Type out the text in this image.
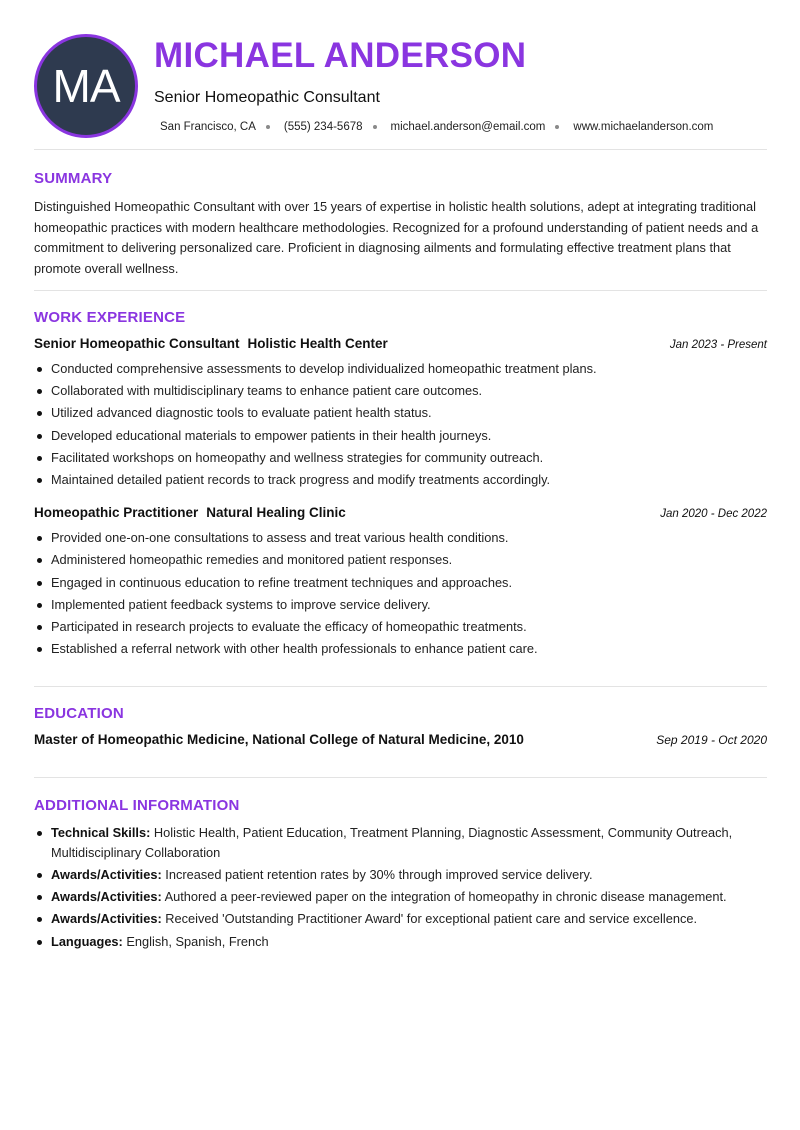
MA
MICHAEL ANDERSON
Senior Homeopathic Consultant
San Francisco, CA (555) 234-5678 michael.anderson@email.com www.michaelanderson.com
SUMMARY

Distinguished Homeopathic Consultant with over 15 years of expertise in holistic health solutions, adept at integrating traditional homeopathic practices with modern healthcare methodologies. Recognized for a profound understanding of patient needs and a commitment to delivering personalized care. Proficient in diagnosing ailments and formulating effective treatment plans that promote overall wellness.

WORK EXPERIENCE
Senior Homeopathic Consultant Holistic Health Center	Jan 2023 - Present
Conducted comprehensive assessments to develop individualized homeopathic treatment plans.
Collaborated with multidisciplinary teams to enhance patient care outcomes.
Utilized advanced diagnostic tools to evaluate patient health status.
Developed educational materials to empower patients in their health journeys.
Facilitated workshops on homeopathy and wellness strategies for community outreach.
Maintained detailed patient records to track progress and modify treatments accordingly.
Homeopathic Practitioner Natural Healing Clinic	Jan 2020 - Dec 2022
Provided one-on-one consultations to assess and treat various health conditions.
Administered homeopathic remedies and monitored patient responses.
Engaged in continuous education to refine treatment techniques and approaches.
Implemented patient feedback systems to improve service delivery.
Participated in research projects to evaluate the efficacy of homeopathic treatments.
Established a referral network with other health professionals to enhance patient care.
EDUCATION
Master of Homeopathic Medicine, National College of Natural Medicine, 2010	Sep 2019 - Oct 2020
ADDITIONAL INFORMATION
Technical Skills: Holistic Health, Patient Education, Treatment Planning, Diagnostic Assessment, Community Outreach, Multidisciplinary Collaboration
Awards/Activities: Increased patient retention rates by 30% through improved service delivery.
Awards/Activities: Authored a peer-reviewed paper on the integration of homeopathy in chronic disease management.
Awards/Activities: Received 'Outstanding Practitioner Award' for exceptional patient care and service excellence.
Languages: English, Spanish, French
